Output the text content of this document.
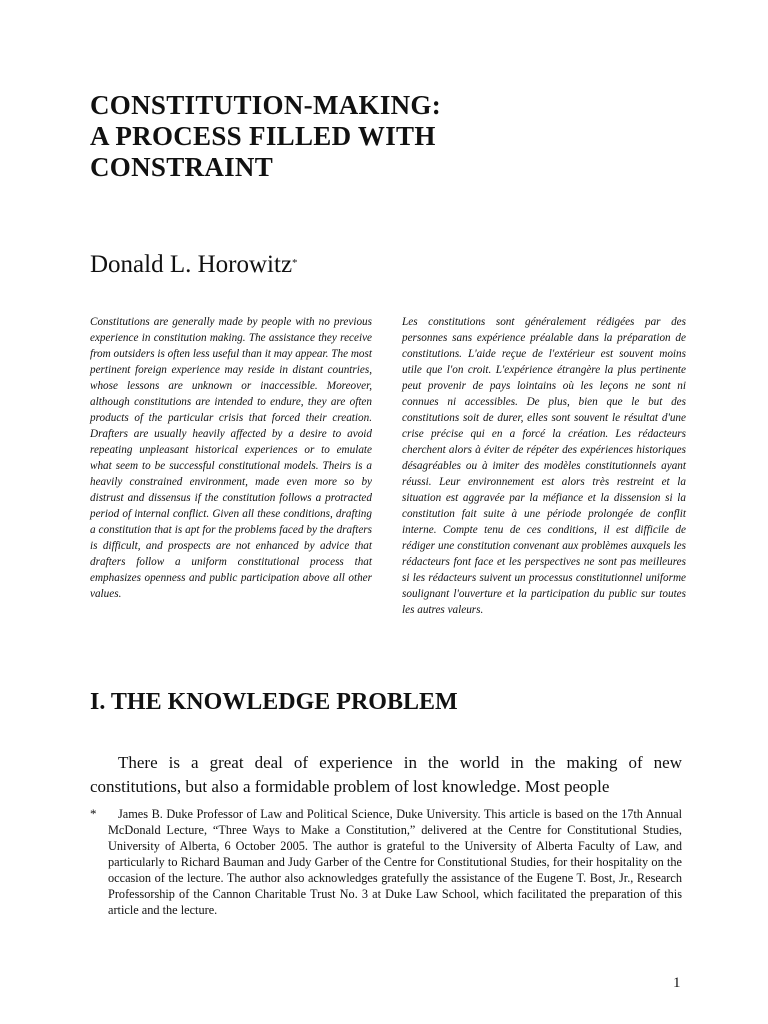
CONSTITUTION-MAKING:
A PROCESS FILLED WITH
CONSTRAINT
Donald L. Horowitz*

Constitutions are generally made by people with no previous experience in constitution making. The assistance they receive from outsiders is often less useful than it may appear. The most pertinent foreign experience may reside in distant countries, whose lessons are unknown or inaccessible. Moreover, although constitutions are intended to endure, they are often products of the particular crisis that forced their creation. Drafters are usually heavily affected by a desire to avoid repeating unpleasant historical experiences or to emulate what seem to be successful constitutional models. Theirs is a heavily constrained environment, made even more so by distrust and dissensus if the constitution follows a protracted period of internal conflict. Given all these conditions, drafting a constitution that is apt for the problems faced by the drafters is difficult, and prospects are not enhanced by advice that drafters follow a uniform constitutional process that emphasizes openness and public participation above all other values.

Les constitutions sont généralement rédigées par des personnes sans expérience préalable dans la préparation de constitutions. L'aide reçue de l'extérieur est souvent moins utile que l'on croit. L'expérience étrangère la plus pertinente peut provenir de pays lointains où les leçons ne sont ni connues ni accessibles. De plus, bien que le but des constitutions soit de durer, elles sont souvent le résultat d'une crise précise qui en a forcé la création. Les rédacteurs cherchent alors à éviter de répéter des expériences historiques désagréables ou à imiter des modèles constitutionnels ayant réussi. Leur environnement est alors très restreint et la situation est aggravée par la méfiance et la dissension si la constitution fait suite à une période prolongée de conflit interne. Compte tenu de ces conditions, il est difficile de rédiger une constitution convenant aux problèmes auxquels les rédacteurs font face et les perspectives ne sont pas meilleures si les rédacteurs suivent un processus constitutionnel uniforme soulignant l'ouverture et la participation du public sur toutes les autres valeurs.

I. THE KNOWLEDGE PROBLEM

There is a great deal of experience in the world in the making of new constitutions, but also a formidable problem of lost knowledge. Most people

*	James B. Duke Professor of Law and Political Science, Duke University. This article is based on the 17th Annual McDonald Lecture, “Three Ways to Make a Constitution,” delivered at the Centre for Constitutional Studies, University of Alberta, 6 October 2005. The author is grateful to the University of Alberta Faculty of Law, and particularly to Richard Bauman and Judy Garber of the Centre for Constitutional Studies, for their hospitality on the occasion of the lecture. The author also acknowledges gratefully the assistance of the Eugene T. Bost, Jr., Research Professorship of the Cannon Charitable Trust No. 3 at Duke Law School, which facilitated the preparation of this article and the lecture.

1
